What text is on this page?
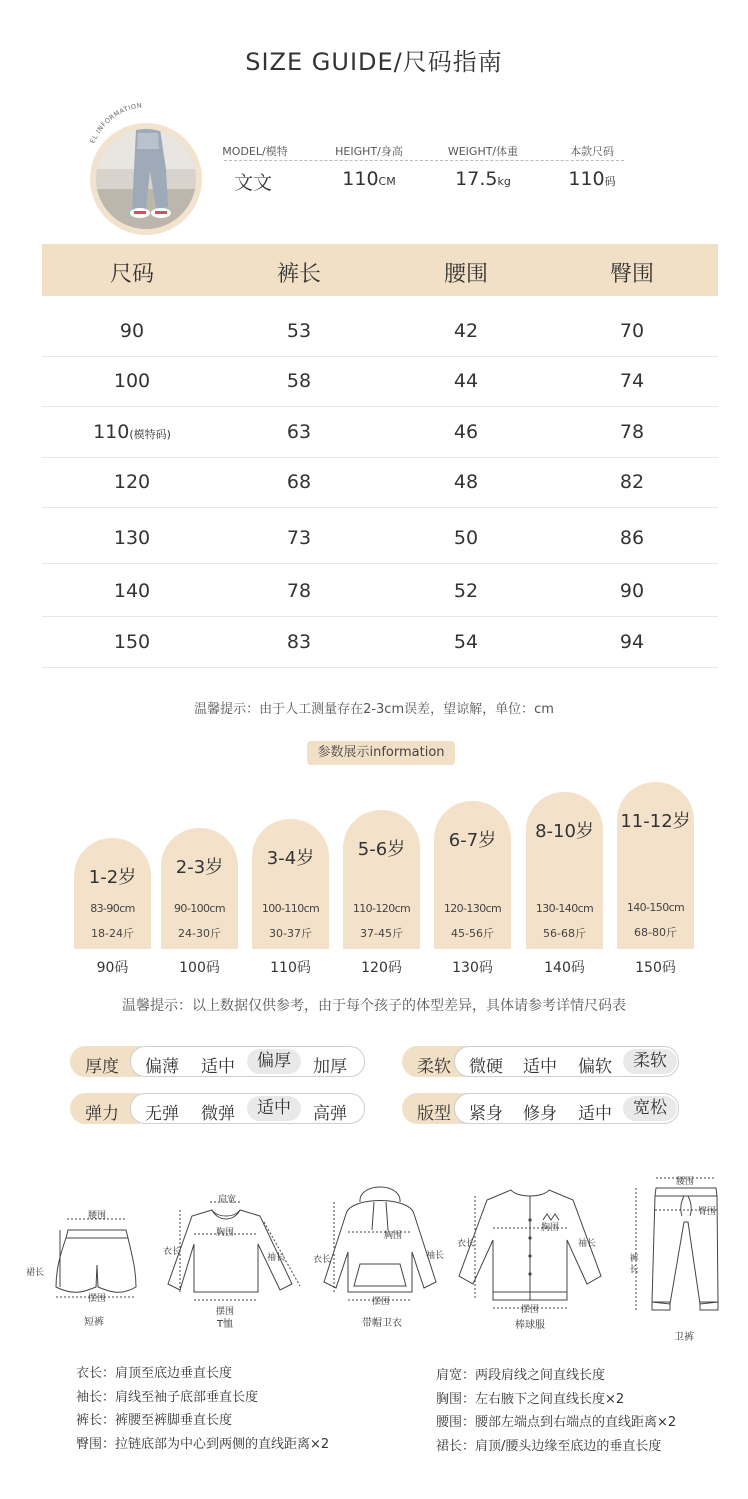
SIZE GUIDE/尺码指南
EL INFORMATION
MODEL/模特	HEIGHT/身高	WEIGHT/体重	本款尺码
文文	110CM	17.5kg	110码
尺码	裤长	腰围	臀围
90	53	42	70
100	58	44	74
110(模特码)	63	46	78
120	68	48	82
130	73	50	86
140	78	52	90
150	83	54	94
温馨提示：由于人工测量存在2-3cm误差，望谅解，单位：cm
参数展示information
1-2岁
83-90cm
18-24斤
2-3岁
90-100cm
24-30斤
3-4岁
100-110cm
30-37斤
5-6岁
110-120cm
37-45斤
6-7岁
120-130cm
45-56斤
8-10岁
130-140cm
56-68斤
11-12岁
140-150cm
68-80斤
90码	100码	110码	120码	130码	140码	150码
温馨提示：以上数据仅供参考，由于每个孩子的体型差异，具体请参考详情尺码表
厚度	偏薄	适中	偏厚	加厚	柔软	微硬	适中	偏软	柔软
弹力	无弹	微弹	适中	高弹	版型	紧身	修身	适中	宽松
腰围
裙长
摆围
短裤
肩宽
胸围
衣长
袖长
摆围
T恤
胸围
衣长	袖长
摆围
带帽卫衣
衣长
胸围
袖长
摆围
棒球服
腰围
臀围
裤长
卫裤
衣长：肩顶至底边垂直长度
袖长：肩线至袖子底部垂直长度
裤长：裤腰至裤脚垂直长度
臀围：拉链底部为中心到两侧的直线距离×2
肩宽：两段肩线之间直线长度
胸围：左右腋下之间直线长度×2
腰围：腰部左端点到右端点的直线距离×2
裙长：肩顶/腰头边缘至底边的垂直长度
